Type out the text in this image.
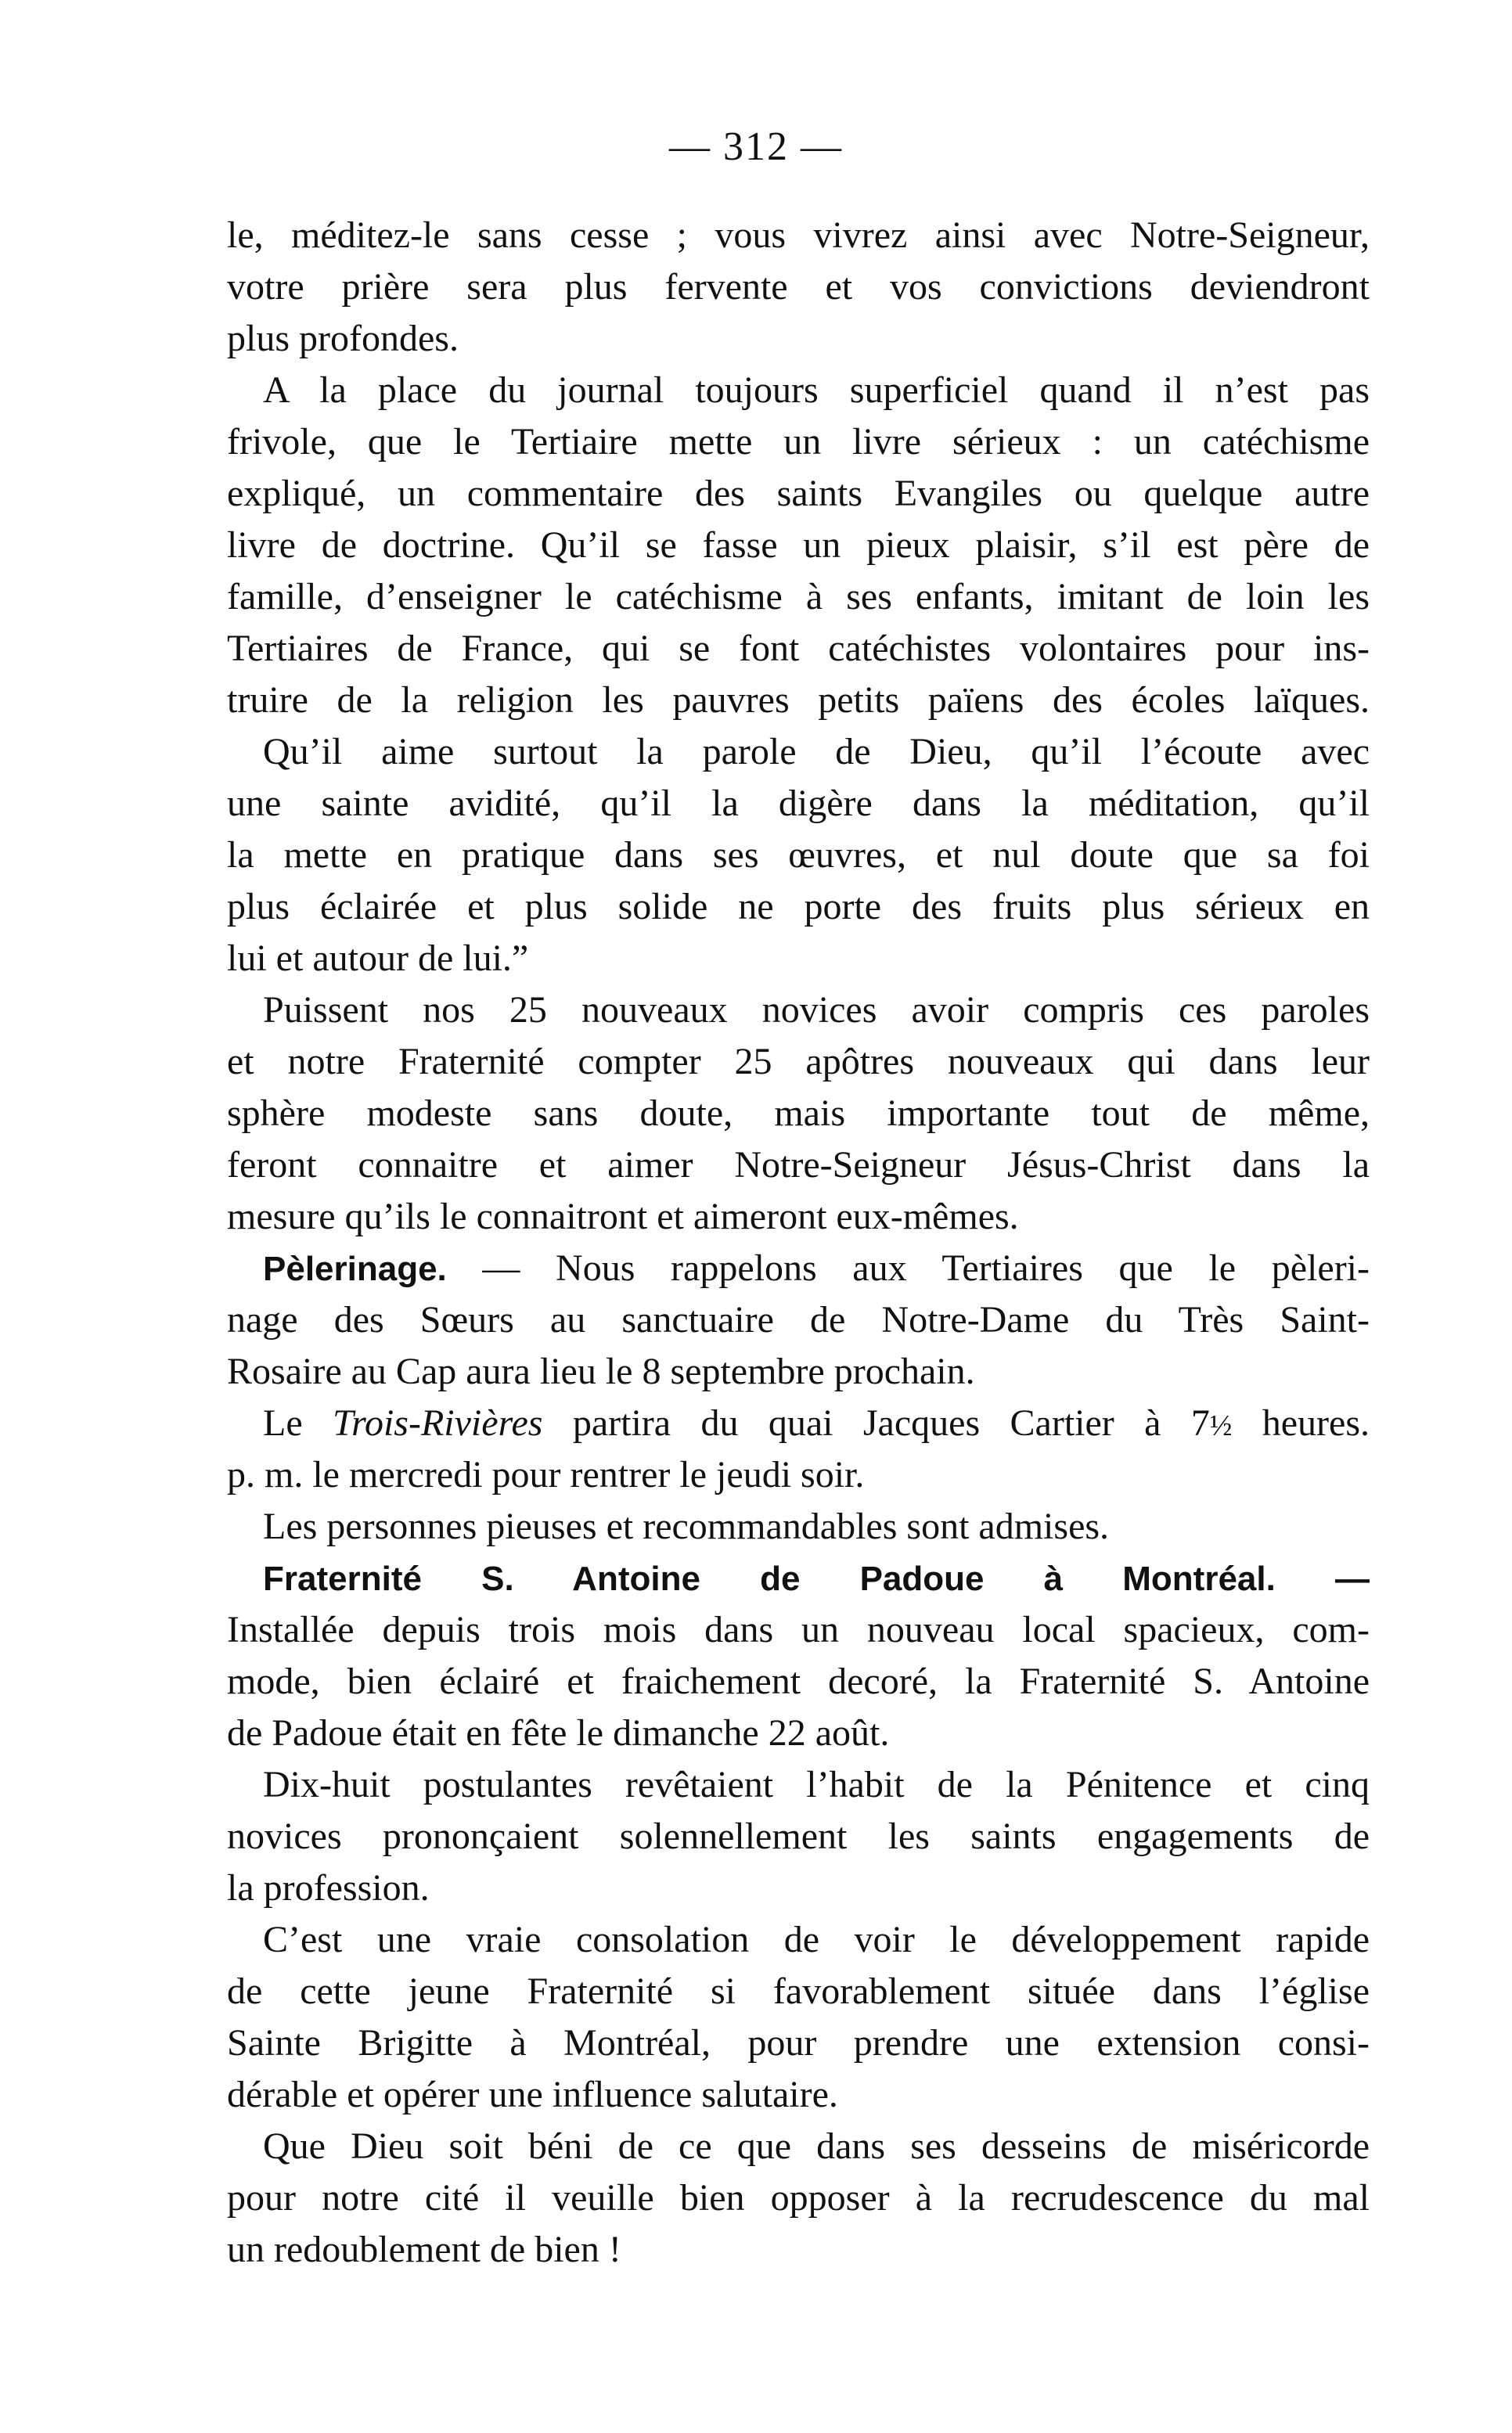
— 312 —
le, méditez-le sans cesse ; vous vivrez ainsi avec Notre-Seigneur,
votre prière sera plus fervente et vos convictions deviendront
plus profondes.
A la place du journal toujours superficiel quand il n’est pas
frivole, que le Tertiaire mette un livre sérieux : un catéchisme
expliqué, un commentaire des saints Evangiles ou quelque autre
livre de doctrine. Qu’il se fasse un pieux plaisir, s’il est père de
famille, d’enseigner le catéchisme à ses enfants, imitant de loin les
Tertiaires de France, qui se font catéchistes volontaires pour ins-
truire de la religion les pauvres petits païens des écoles laïques.
Qu’il aime surtout la parole de Dieu, qu’il l’écoute avec
une sainte avidité, qu’il la digère dans la méditation, qu’il
la mette en pratique dans ses œuvres, et nul doute que sa foi
plus éclairée et plus solide ne porte des fruits plus sérieux en
lui et autour de lui.”
Puissent nos 25 nouveaux novices avoir compris ces paroles
et notre Fraternité compter 25 apôtres nouveaux qui dans leur
sphère modeste sans doute, mais importante tout de même,
feront connaitre et aimer Notre-Seigneur Jésus-Christ dans la
mesure qu’ils le connaitront et aimeront eux-mêmes.
Pèlerinage. — Nous rappelons aux Tertiaires que le pèleri-
nage des Sœurs au sanctuaire de Notre-Dame du Très Saint-
Rosaire au Cap aura lieu le 8 septembre prochain.
Le Trois-Rivières partira du quai Jacques Cartier à 7½ heures.
p. m. le mercredi pour rentrer le jeudi soir.
Les personnes pieuses et recommandables sont admises.
Fraternité S. Antoine de Padoue à Montréal. —
Installée depuis trois mois dans un nouveau local spacieux, com-
mode, bien éclairé et fraichement decoré, la Fraternité S. Antoine
de Padoue était en fête le dimanche 22 août.
Dix-huit postulantes revêtaient l’habit de la Pénitence et cinq
novices prononçaient solennellement les saints engagements de
la profession.
C’est une vraie consolation de voir le développement rapide
de cette jeune Fraternité si favorablement située dans l’église
Sainte Brigitte à Montréal, pour prendre une extension consi-
dérable et opérer une influence salutaire.
Que Dieu soit béni de ce que dans ses desseins de miséricorde
pour notre cité il veuille bien opposer à la recrudescence du mal
un redoublement de bien !
